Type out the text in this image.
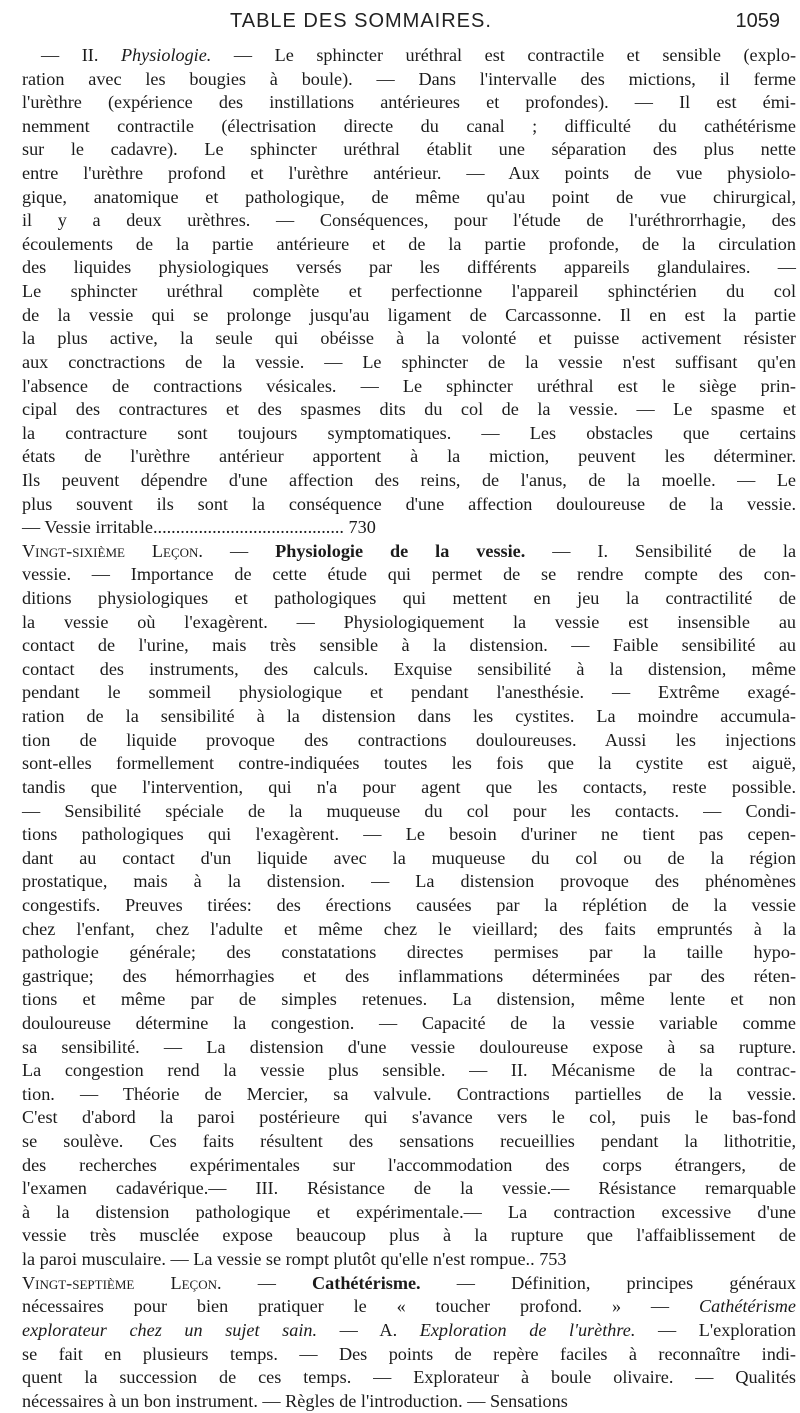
TABLE DES SOMMAIRES.	1059
— II. Physiologie. — Le sphincter uréthral est contractile et sensible (explo-
ration avec les bougies à boule). — Dans l'intervalle des mictions, il ferme
l'urèthre (expérience des instillations antérieures et profondes). — Il est émi-
nemment contractile (électrisation directe du canal ; difficulté du cathétérisme
sur le cadavre). Le sphincter uréthral établit une séparation des plus nette
entre l'urèthre profond et l'urèthre antérieur. — Aux points de vue physiolo-
gique, anatomique et pathologique, de même qu'au point de vue chirurgical,
il y a deux urèthres. — Conséquences, pour l'étude de l'uréthrorrhagie, des
écoulements de la partie antérieure et de la partie profonde, de la circulation
des liquides physiologiques versés par les différents appareils glandulaires. —
Le sphincter uréthral complète et perfectionne l'appareil sphinctérien du col
de la vessie qui se prolonge jusqu'au ligament de Carcassonne. Il en est la partie
la plus active, la seule qui obéisse à la volonté et puisse activement résister
aux conctractions de la vessie. — Le sphincter de la vessie n'est suffisant qu'en
l'absence de contractions vésicales. — Le sphincter uréthral est le siège prin-
cipal des contractures et des spasmes dits du col de la vessie. — Le spasme et
la contracture sont toujours symptomatiques. — Les obstacles que certains
états de l'urèthre antérieur apportent à la miction, peuvent les déterminer.
Ils peuvent dépendre d'une affection des reins, de l'anus, de la moelle. — Le
plus souvent ils sont la conséquence d'une affection douloureuse de la vessie.
— Vessie irritable.......................................... 730
Vingt-sixième Leçon. — Physiologie de la vessie. — I. Sensibilité de la
vessie. — Importance de cette étude qui permet de se rendre compte des con-
ditions physiologiques et pathologiques qui mettent en jeu la contractilité de
la vessie où l'exagèrent. — Physiologiquement la vessie est insensible au
contact de l'urine, mais très sensible à la distension. — Faible sensibilité au
contact des instruments, des calculs. Exquise sensibilité à la distension, même
pendant le sommeil physiologique et pendant l'anesthésie. — Extrême exagé-
ration de la sensibilité à la distension dans les cystites. La moindre accumula-
tion de liquide provoque des contractions douloureuses. Aussi les injections
sont-elles formellement contre-indiquées toutes les fois que la cystite est aiguë,
tandis que l'intervention, qui n'a pour agent que les contacts, reste possible.
— Sensibilité spéciale de la muqueuse du col pour les contacts. — Condi-
tions pathologiques qui l'exagèrent. — Le besoin d'uriner ne tient pas cepen-
dant au contact d'un liquide avec la muqueuse du col ou de la région
prostatique, mais à la distension. — La distension provoque des phénomènes
congestifs. Preuves tirées: des érections causées par la réplétion de la vessie
chez l'enfant, chez l'adulte et même chez le vieillard; des faits empruntés à la
pathologie générale; des constatations directes permises par la taille hypo-
gastrique; des hémorrhagies et des inflammations déterminées par des réten-
tions et même par de simples retenues. La distension, même lente et non
douloureuse détermine la congestion. — Capacité de la vessie variable comme
sa sensibilité. — La distension d'une vessie douloureuse expose à sa rupture.
La congestion rend la vessie plus sensible. — II. Mécanisme de la contrac-
tion. — Théorie de Mercier, sa valvule. Contractions partielles de la vessie.
C'est d'abord la paroi postérieure qui s'avance vers le col, puis le bas-fond
se soulève. Ces faits résultent des sensations recueillies pendant la lithotritie,
des recherches expérimentales sur l'accommodation des corps étrangers, de
l'examen cadavérique.— III. Résistance de la vessie.— Résistance remarquable
à la distension pathologique et expérimentale.— La contraction excessive d'une
vessie très musclée expose beaucoup plus à la rupture que l'affaiblissement de
la paroi musculaire. — La vessie se rompt plutôt qu'elle n'est rompue.. 753
Vingt-septième Leçon. — Cathétérisme. — Définition, principes généraux
nécessaires pour bien pratiquer le « toucher profond. » — Cathétérisme
explorateur chez un sujet sain. — A. Exploration de l'urèthre. — L'exploration
se fait en plusieurs temps. — Des points de repère faciles à reconnaître indi-
quent la succession de ces temps. — Explorateur à boule olivaire. — Qualités
nécessaires à un bon instrument. — Règles de l'introduction. — Sensations
